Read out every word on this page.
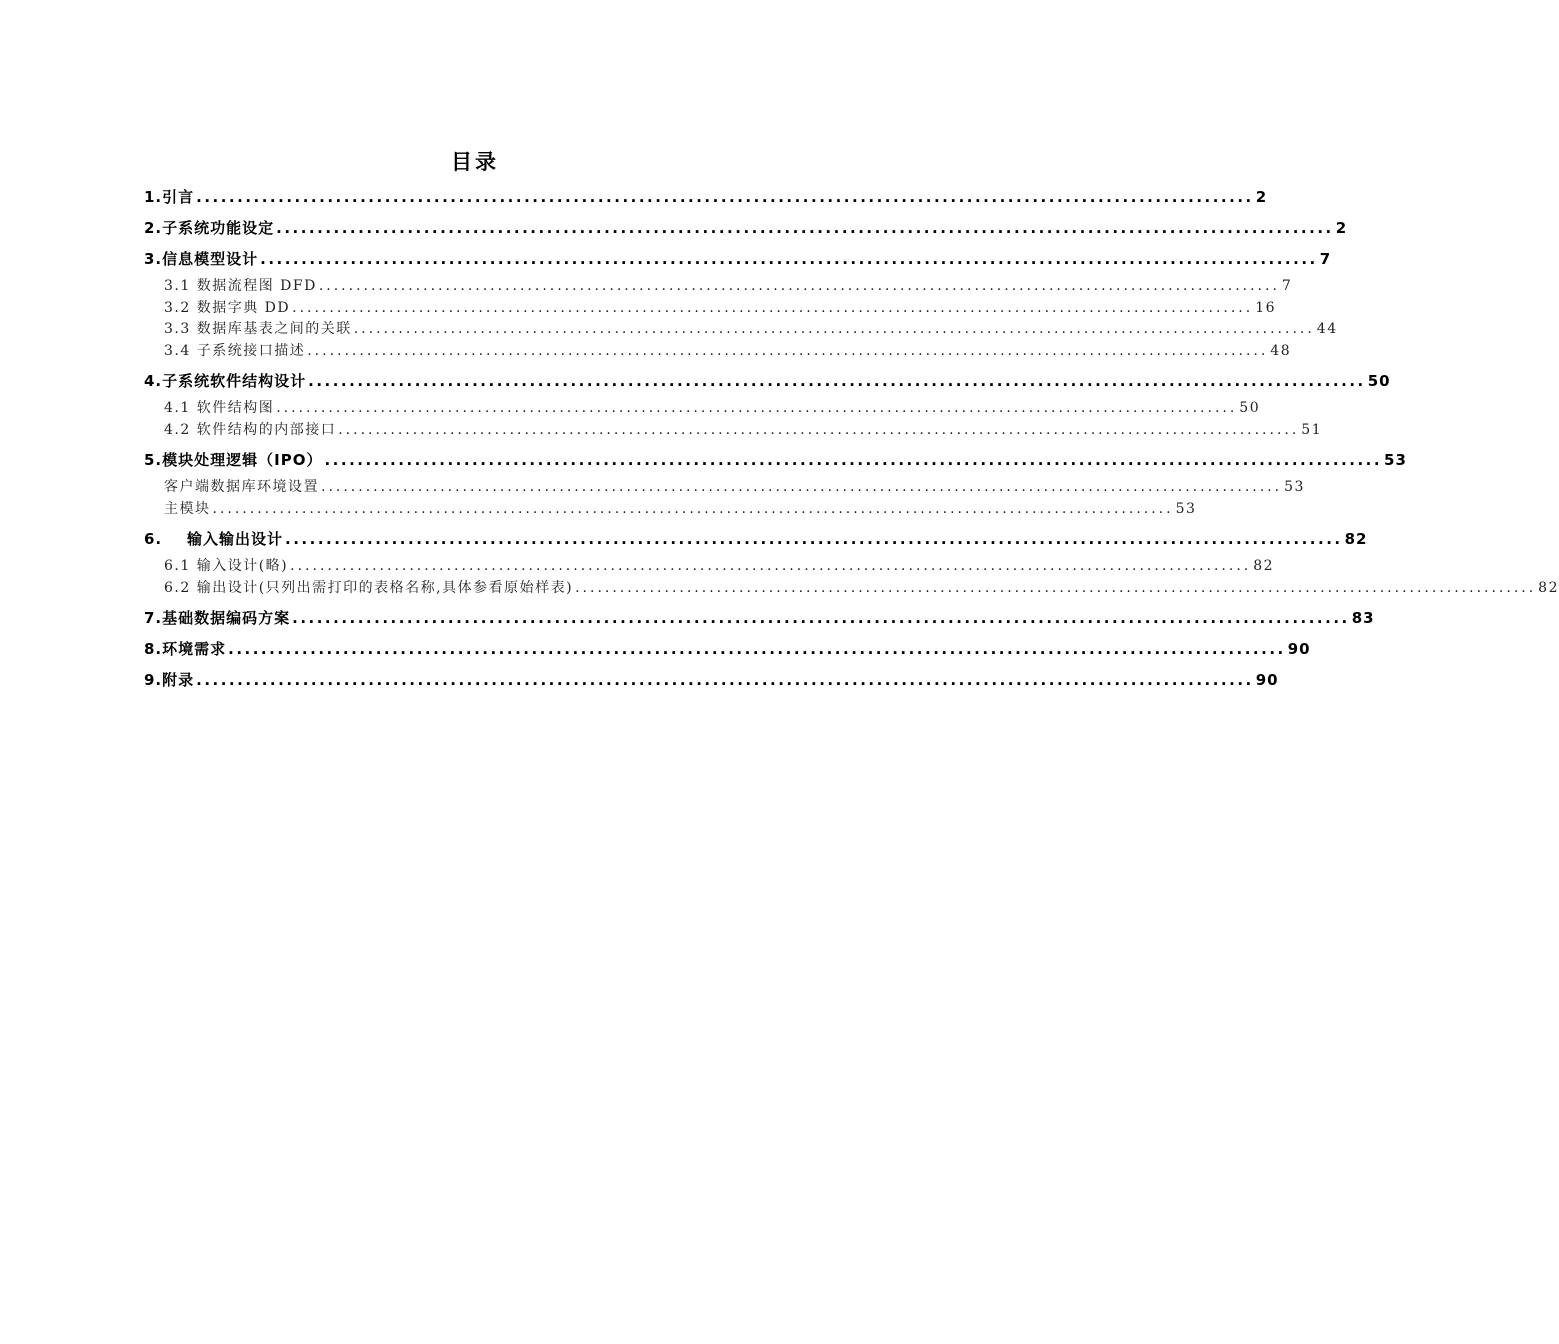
目录
1.引言 ................................................................................................................................. 2
2.子系统功能设定 ................................................................................................................................. 2
3.信息模型设计 ................................................................................................................................. 7
3.1 数据流程图 DFD ................................................................................................................................. 7
3.2 数据字典 DD ................................................................................................................................. 16
3.3 数据库基表之间的关联 ................................................................................................................................. 44
3.4 子系统接口描述 ................................................................................................................................. 48
4.子系统软件结构设计 ................................................................................................................................. 50
4.1 软件结构图 ................................................................................................................................. 50
4.2 软件结构的内部接口 ................................................................................................................................. 51
5.模块处理逻辑（IPO） ................................................................................................................................. 53
客户端数据库环境设置 ................................................................................................................................. 53
主模块 ................................................................................................................................. 53
6.    输入输出设计 ................................................................................................................................. 82
6.1 输入设计(略) ................................................................................................................................. 82
6.2 输出设计(只列出需打印的表格名称,具体参看原始样表) ................................................................................................................................. 82
7.基础数据编码方案 ................................................................................................................................. 83
8.环境需求 ................................................................................................................................. 90
9.附录 ................................................................................................................................. 90
